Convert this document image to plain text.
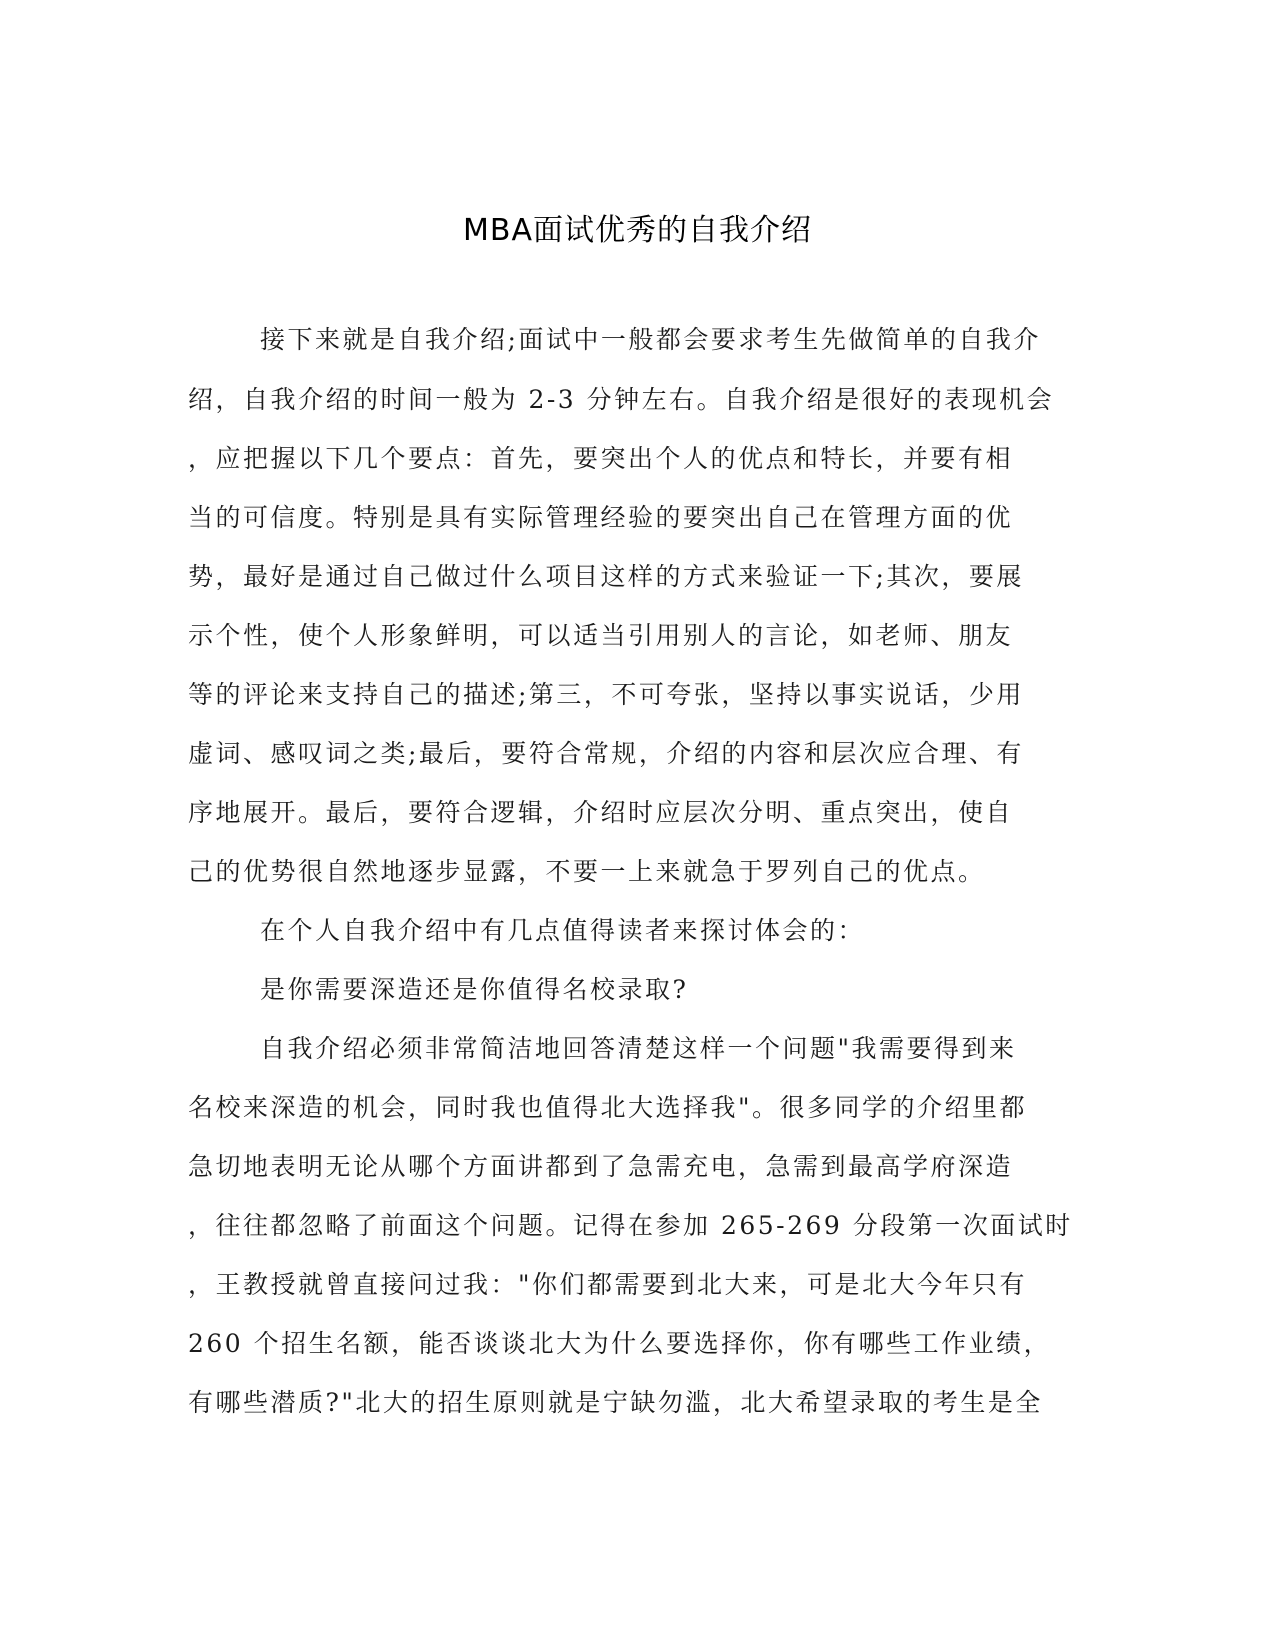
MBA面试优秀的自我介绍
接下来就是自我介绍;面试中一般都会要求考生先做简单的自我介
绍，自我介绍的时间一般为 2-3 分钟左右。自我介绍是很好的表现机会
，应把握以下几个要点：首先，要突出个人的优点和特长，并要有相
当的可信度。特别是具有实际管理经验的要突出自己在管理方面的优
势，最好是通过自己做过什么项目这样的方式来验证一下;其次，要展
示个性，使个人形象鲜明，可以适当引用别人的言论，如老师、朋友
等的评论来支持自己的描述;第三，不可夸张，坚持以事实说话，少用
虚词、感叹词之类;最后，要符合常规，介绍的内容和层次应合理、有
序地展开。最后，要符合逻辑，介绍时应层次分明、重点突出，使自
己的优势很自然地逐步显露，不要一上来就急于罗列自己的优点。
在个人自我介绍中有几点值得读者来探讨体会的：
是你需要深造还是你值得名校录取?
自我介绍必须非常简洁地回答清楚这样一个问题"我需要得到来
名校来深造的机会，同时我也值得北大选择我"。很多同学的介绍里都
急切地表明无论从哪个方面讲都到了急需充电，急需到最高学府深造
，往往都忽略了前面这个问题。记得在参加 265-269 分段第一次面试时
，王教授就曾直接问过我："你们都需要到北大来，可是北大今年只有
260 个招生名额，能否谈谈北大为什么要选择你，你有哪些工作业绩，
有哪些潜质?"北大的招生原则就是宁缺勿滥，北大希望录取的考生是全
